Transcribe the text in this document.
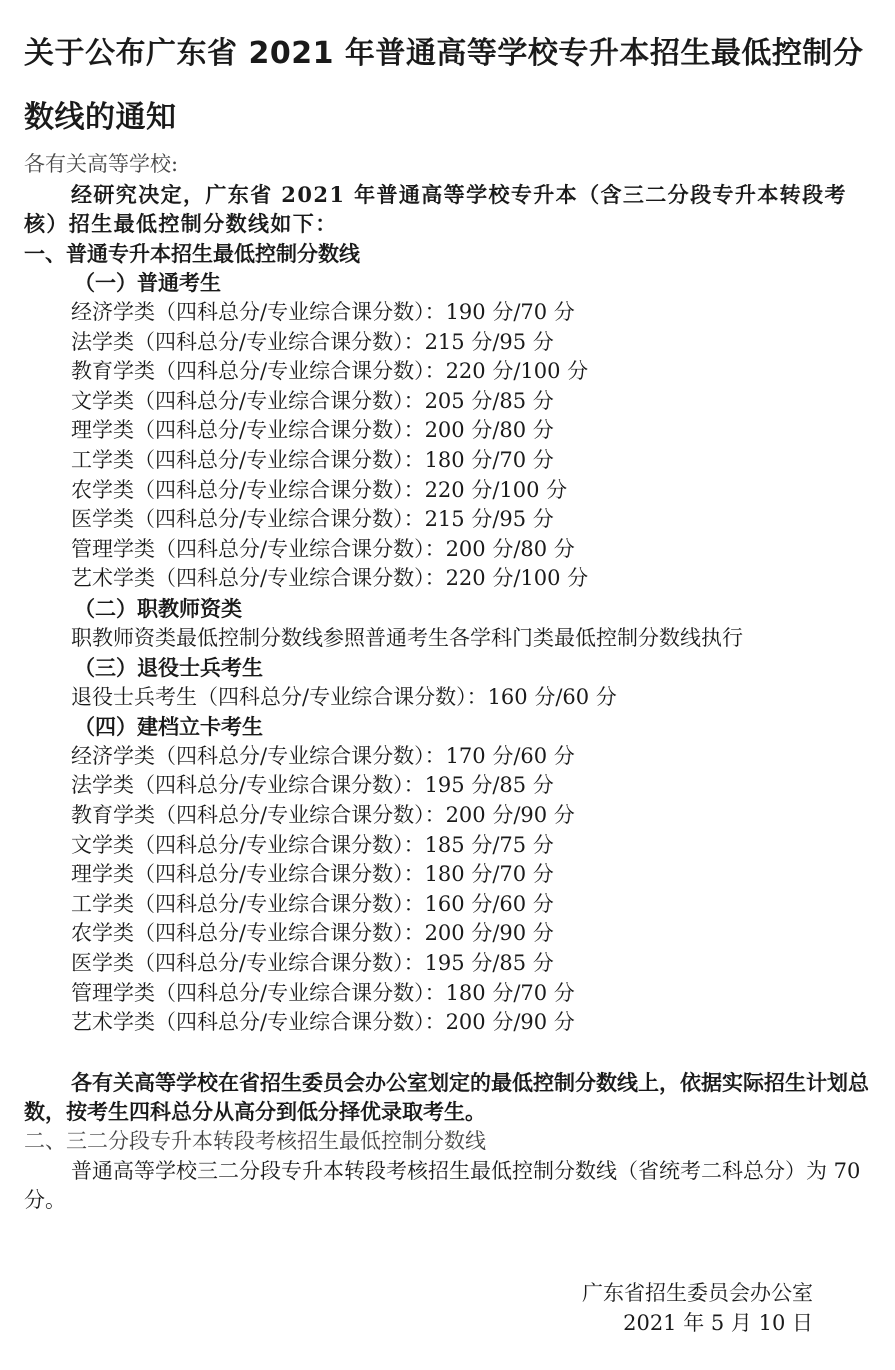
关于公布广东省 2021 年普通高等学校专升本招生最低控制分数线的通知
各有关高等学校:
经研究决定，广东省 2021 年普通高等学校专升本（含三二分段专升本转段考核）招生最低控制分数线如下：
一、普通专升本招生最低控制分数线
（一）普通考生
经济学类（四科总分/专业综合课分数）：190 分/70 分
法学类（四科总分/专业综合课分数）：215 分/95 分
教育学类（四科总分/专业综合课分数）：220 分/100 分
文学类（四科总分/专业综合课分数）：205 分/85 分
理学类（四科总分/专业综合课分数）：200 分/80 分
工学类（四科总分/专业综合课分数）：180 分/70 分
农学类（四科总分/专业综合课分数）：220 分/100 分
医学类（四科总分/专业综合课分数）：215 分/95 分
管理学类（四科总分/专业综合课分数）：200 分/80 分
艺术学类（四科总分/专业综合课分数）：220 分/100 分
（二）职教师资类
职教师资类最低控制分数线参照普通考生各学科门类最低控制分数线执行
（三）退役士兵考生
退役士兵考生（四科总分/专业综合课分数）：160 分/60 分
（四）建档立卡考生
经济学类（四科总分/专业综合课分数）：170 分/60 分
法学类（四科总分/专业综合课分数）：195 分/85 分
教育学类（四科总分/专业综合课分数）：200 分/90 分
文学类（四科总分/专业综合课分数）：185 分/75 分
理学类（四科总分/专业综合课分数）：180 分/70 分
工学类（四科总分/专业综合课分数）：160 分/60 分
农学类（四科总分/专业综合课分数）：200 分/90 分
医学类（四科总分/专业综合课分数）：195 分/85 分
管理学类（四科总分/专业综合课分数）：180 分/70 分
艺术学类（四科总分/专业综合课分数）：200 分/90 分
各有关高等学校在省招生委员会办公室划定的最低控制分数线上，依据实际招生计划总数，按考生四科总分从高分到低分择优录取考生。
二、三二分段专升本转段考核招生最低控制分数线
普通高等学校三二分段专升本转段考核招生最低控制分数线（省统考二科总分）为 70 分。
广东省招生委员会办公室
2021 年 5 月 10 日
